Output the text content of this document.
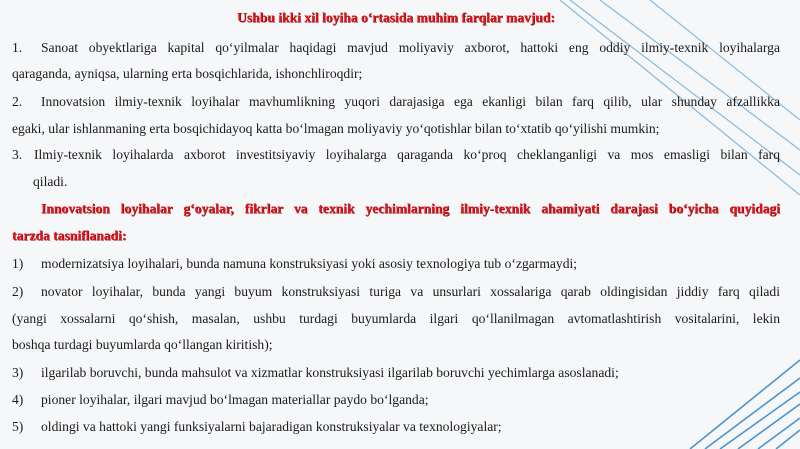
Ushbu ikki xil loyiha o‘rtasida muhim farqlar mavjud:
1. Sanoat obyektlariga kapital qo‘yilmalar haqidagi mavjud moliyaviy axborot, hattoki eng oddiy ilmiy-texnik loyihalarga
qaraganda, ayniqsa, ularning erta bosqichlarida, ishonchliroqdir;
2. Innovatsion ilmiy-texnik loyihalar mavhumlikning yuqori darajasiga ega ekanligi bilan farq qilib, ular shunday afzallikka
egaki, ular ishlanmaning erta bosqichidayoq katta bo‘lmagan moliyaviy yo‘qotishlar bilan to‘xtatib qo‘yilishi mumkin;
3. Ilmiy-texnik loyihalarda axborot investitsiyaviy loyihalarga qaraganda ko‘proq cheklanganligi va mos emasligi bilan farq
qiladi.
Innovatsion loyihalar g‘oyalar, fikrlar va texnik yechimlarning ilmiy-texnik ahamiyati darajasi bo‘yicha quyidagi
tarzda tasniflanadi:
1) modernizatsiya loyihalari, bunda namuna konstruksiyasi yoki asosiy texnologiya tub o‘zgarmaydi;
2) novator loyihalar, bunda yangi buyum konstruksiyasi turiga va unsurlari xossalariga qarab oldingisidan jiddiy farq qiladi
(yangi xossalarni qo‘shish, masalan, ushbu turdagi buyumlarda ilgari qo‘llanilmagan avtomatlashtirish vositalarini, lekin
boshqa turdagi buyumlarda qo‘llangan kiritish);
3) ilgarilab boruvchi, bunda mahsulot va xizmatlar konstruksiyasi ilgarilab boruvchi yechimlarga asoslanadi;
4) pioner loyihalar, ilgari mavjud bo‘lmagan materiallar paydo bo‘lganda;
5) oldingi va hattoki yangi funksiyalarni bajaradigan konstruksiyalar va texnologiyalar;
